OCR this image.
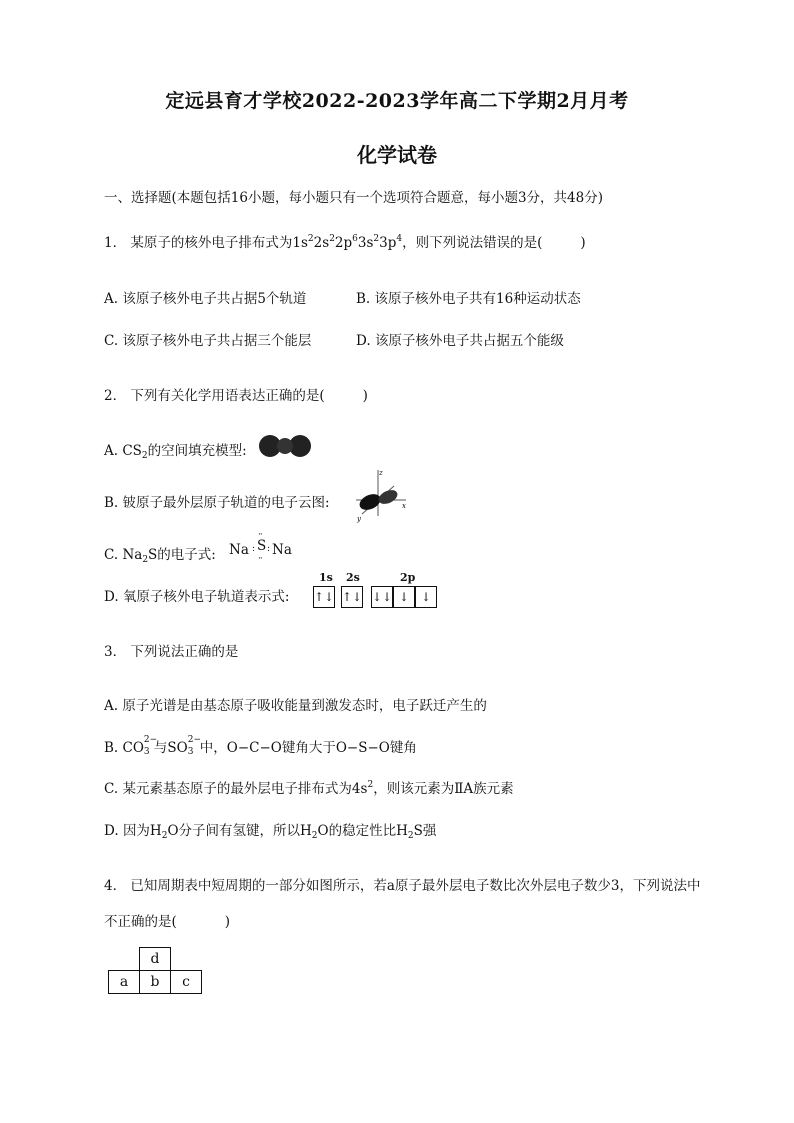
定远县育才学校2022-2023学年高二下学期2月月考
化学试卷
一、选择题(本题包括16小题，每小题只有一个选项符合题意，每小题3分，共48分)
1． 某原子的核外电子排布式为$1s^22s^22p^63s^23p^4$，则下列说法错误的是(	)
A. 该原子核外电子共占据5个轨道	B. 该原子核外电子共有16种运动状态
C. 该原子核外电子共占据三个能层	D. 该原子核外电子共占据五个能级
2． 下列有关化学用语表达正确的是(	)
A. $CS_2$的空间填充模型:
B. 铍原子最外层原子轨道的电子云图:
z
x
y
C. $Na_2S$的电子式: Na : S
··
··
: Na
D. 氧原子核外电子轨道表示式:
1s 2s	2p
↑↓ ↑↓ ↓↓ ↓ ↓
3． 下列说法正确的是
A. 原子光谱是由基态原子吸收能量到激发态时，电子跃迁产生的
B. CO 2−
3 与SO 2−
3 中，O−C−O键角大于O−S−O键角
C. 某元素基态原子的最外层电子排布式为$4s^2$，则该元素为ⅡA族元素
D. 因为$H_2O$分子间有氢键，所以$H_2O$的稳定性比$H_2S$强
4． 已知周期表中短周期的一部分如图所示，若a原子最外层电子数比次外层电子数少3，下列说法中
不正确的是(	)
	d	
a	b	c
